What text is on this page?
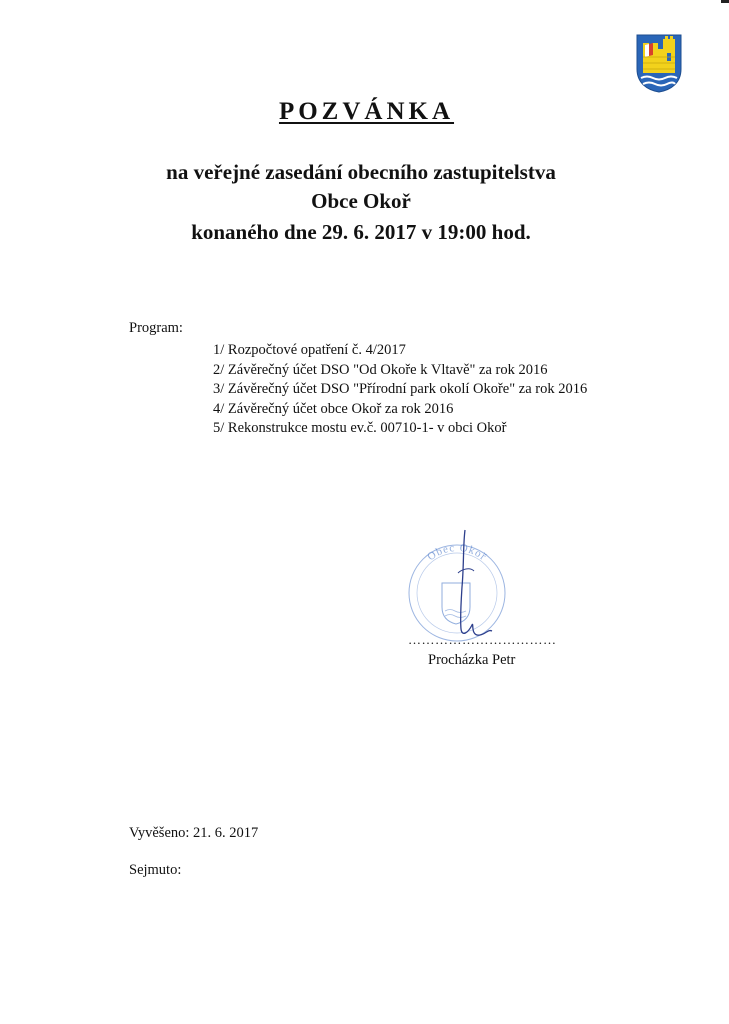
POZVÁNKA
na veřejné zasedání obecního zastupitelstva
Obce Okoř
konaného dne 29. 6. 2017 v 19:00 hod.
Program:
1/ Rozpočtové opatření č. 4/2017
2/ Závěrečný účet DSO "Od Okoře k Vltavě" za rok 2016
3/ Závěrečný účet DSO "Přírodní park okolí Okoře" za rok 2016
4/ Závěrečný účet obce Okoř za rok 2016
5/ Rekonstrukce mostu ev.č. 00710-1- v obci Okoř
Obec Okoř
……………………………
Procházka Petr
Vyvěšeno: 21. 6. 2017
Sejmuto:
